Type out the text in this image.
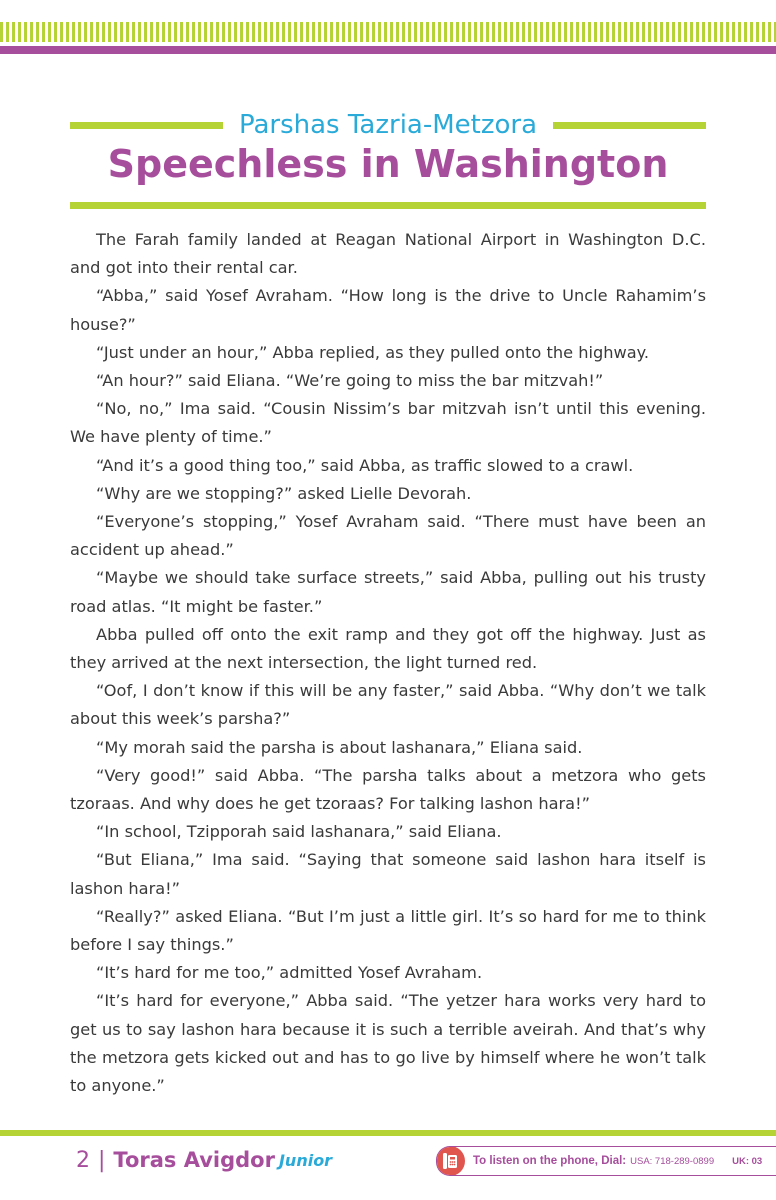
Parshas Tazria-Metzora
Speechless in Washington

The Farah family landed at Reagan National Airport in Washington D.C. and got into their rental car.

“Abba,” said Yosef Avraham. “How long is the drive to Uncle Rahamim’s house?”

“Just under an hour,” Abba replied, as they pulled onto the highway.

“An hour?” said Eliana. “We’re going to miss the bar mitzvah!”

“No, no,” Ima said. “Cousin Nissim’s bar mitzvah isn’t until this evening. We have plenty of time.”

“And it’s a good thing too,” said Abba, as traffic slowed to a crawl.

“Why are we stopping?” asked Lielle Devorah.

“Everyone’s stopping,” Yosef Avraham said. “There must have been an accident up ahead.”

“Maybe we should take surface streets,” said Abba, pulling out his trusty road atlas. “It might be faster.”

Abba pulled off onto the exit ramp and they got off the highway. Just as they arrived at the next intersection, the light turned red.

“Oof, I don’t know if this will be any faster,” said Abba. “Why don’t we talk about this week’s parsha?”

“My morah said the parsha is about lashanara,” Eliana said.

“Very good!” said Abba. “The parsha talks about a metzora who gets tzoraas. And why does he get tzoraas? For talking lashon hara!”

“In school, Tzipporah said lashanara,” said Eliana.

“But Eliana,” Ima said. “Saying that someone said lashon hara itself is lashon hara!”

“Really?” asked Eliana. “But I’m just a little girl. It’s so hard for me to think before I say things.”

“It’s hard for me too,” admitted Yosef Avraham.

“It’s hard for everyone,” Abba said. “The yetzer hara works very hard to get us to say lashon hara because it is such a terrible aveirah. And that’s why the metzora gets kicked out and has to go live by himself where he won’t talk to anyone.”

2 | Toras Avigdor Junior	To listen on the phone, Dial: USA: 718-289-0899 UK: 03
